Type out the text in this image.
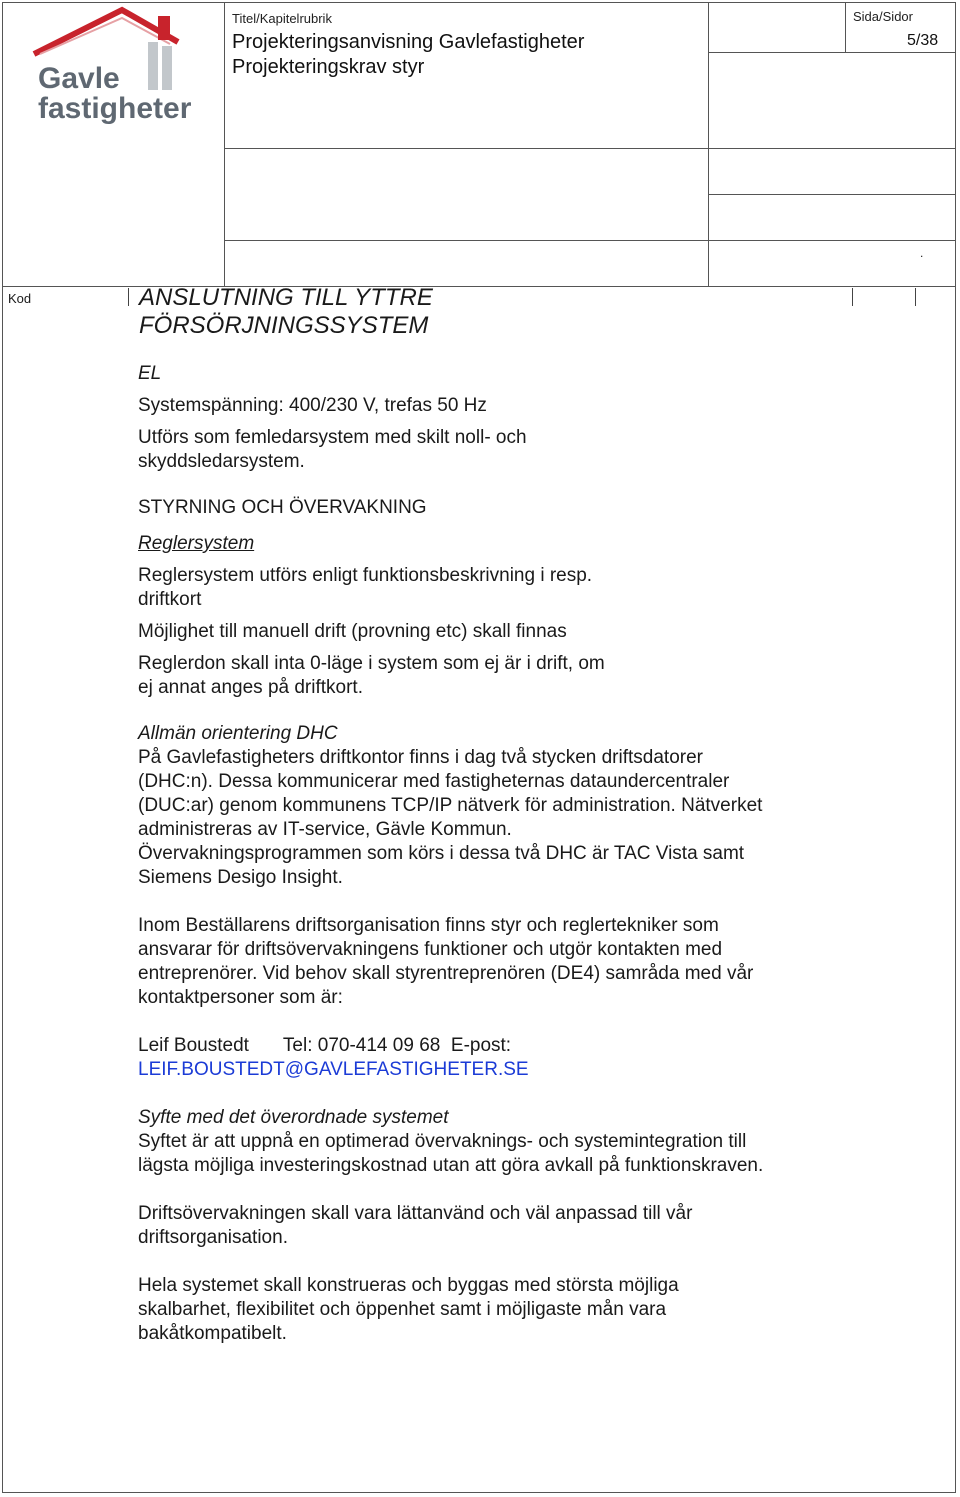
Gavle
fastigheter
Titel/Kapitelrubrik
Projekteringsanvisning Gavlefastigheter
Projekteringskrav styr
Sida/Sidor
5/38
.
Kod	ANSLUTNING TILL YTTRE
FÖRSÖRJNINGSSYSTEM

EL

Systemspänning: 400/230 V, trefas 50 Hz

Utförs som femledarsystem med skilt noll- och

skyddsledarsystem.

STYRNING OCH ÖVERVAKNING

Reglersystem

Reglersystem utförs enligt funktionsbeskrivning i resp.

driftkort

Möjlighet till manuell drift (provning etc) skall finnas

Reglerdon skall inta 0-läge i system som ej är i drift, om

ej annat anges på driftkort.

Allmän orientering DHC

På Gavlefastigheters driftkontor finns i dag två stycken driftsdatorer

(DHC:n). Dessa kommunicerar med fastigheternas dataundercentraler

(DUC:ar) genom kommunens TCP/IP nätverk för administration. Nätverket

administreras av IT-service, Gävle Kommun.

Övervakningsprogrammen som körs i dessa två DHC är TAC Vista samt

Siemens Desigo Insight.

Inom Beställarens driftsorganisation finns styr och reglertekniker som

ansvarar för driftsövervakningens funktioner och utgör kontakten med

entreprenörer. Vid behov skall styrentreprenören (DE4) samråda med vår

kontaktpersoner som är:

Leif Boustedt Tel: 070-414 09 68 E-post:

LEIF.BOUSTEDT@GAVLEFASTIGHETER.SE

Syfte med det överordnade systemet

Syftet är att uppnå en optimerad övervaknings- och systemintegration till

lägsta möjliga investeringskostnad utan att göra avkall på funktionskraven.

Driftsövervakningen skall vara lättanvänd och väl anpassad till vår

driftsorganisation.

Hela systemet skall konstrueras och byggas med största möjliga

skalbarhet, flexibilitet och öppenhet samt i möjligaste mån vara

bakåtkompatibelt.
